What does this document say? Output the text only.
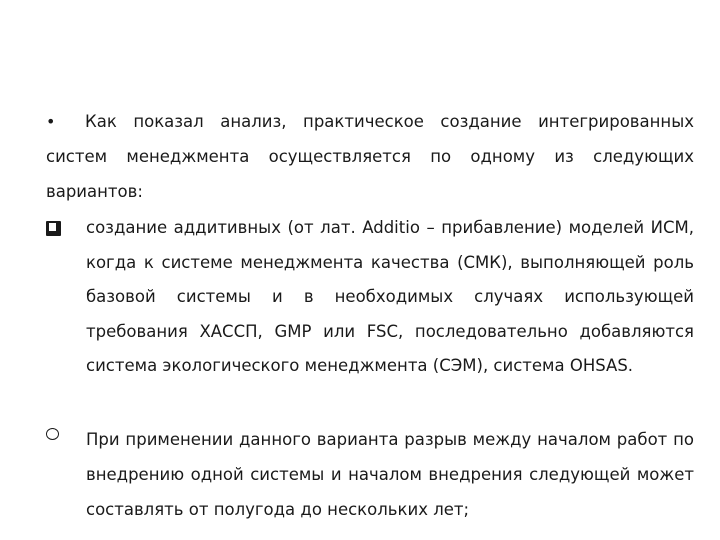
• Как показал анализ, практическое создание интегрированных систем менеджмента осуществляется по одному из следующих вариантов:
создание аддитивных (от лат. Additio – прибавление) моделей ИСМ, когда к системе менеджмента качества (СМК), выполняющей роль базовой системы и в необходимых случаях использующей требования ХАССП, GMP или FSC, последовательно добавляются система экологического менеджмента (СЭМ), система OHSAS.
При применении данного варианта разрыв между началом работ по внедрению одной системы и началом внедрения следующей может составлять от полугода до нескольких лет;
